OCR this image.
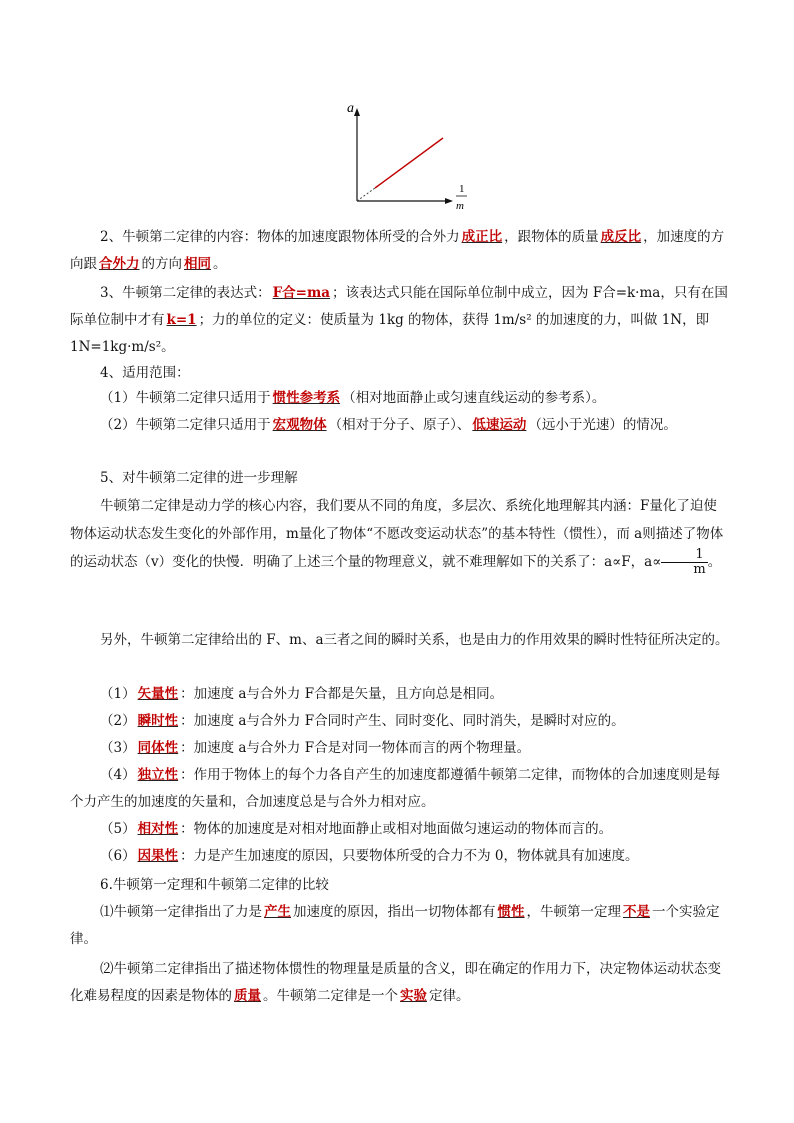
a
1
m
2、牛顿第二定律的内容：物体的加速度跟物体所受的合外力 成正比 ，跟物体的质量 成反比 ，加速度的方向跟 合外力 的方向 相同 。
3、牛顿第二定律的表达式： F合=ma ；该表达式只能在国际单位制中成立，因为 F合=k·ma，只有在国际单位制中才有 k=1 ；力的单位的定义：使质量为 1kg 的物体，获得 1m/s² 的加速度的力，叫做 1N，即 1N=1kg·m/s²。
4、适用范围：
（1）牛顿第二定律只适用于 惯性参考系 （相对地面静止或匀速直线运动的参考系）。
（2）牛顿第二定律只适用于 宏观物体 （相对于分子、原子）、 低速运动 （远小于光速）的情况。
5、对牛顿第二定律的进一步理解
牛顿第二定律是动力学的核心内容，我们要从不同的角度，多层次、系统化地理解其内涵：F量化了迫使物体运动状态发生变化的外部作用，m量化了物体“不愿改变运动状态”的基本特性（惯性），而 a则描述了物体的运动状态（v）变化的快慢．明确了上述三个量的物理意义，就不难理解如下的关系了：a∝F，$a\propto \frac{1}{m}$ 。
另外，牛顿第二定律给出的 F、m、a三者之间的瞬时关系，也是由力的作用效果的瞬时性特征所决定的。
（1） 矢量性 ：加速度 a与合外力 F合都是矢量，且方向总是相同。
（2） 瞬时性 ：加速度 a与合外力 F合同时产生、同时变化、同时消失，是瞬时对应的。
（3） 同体性 ：加速度 a与合外力 F合是对同一物体而言的两个物理量。
（4） 独立性 ：作用于物体上的每个力各自产生的加速度都遵循牛顿第二定律，而物体的合加速度则是每个力产生的加速度的矢量和，合加速度总是与合外力相对应。
（5） 相对性 ：物体的加速度是对相对地面静止或相对地面做匀速运动的物体而言的。
（6） 因果性 ：力是产生加速度的原因，只要物体所受的合力不为 0，物体就具有加速度。
6.牛顿第一定理和牛顿第二定律的比较
⑴牛顿第一定律指出了力是 产生 加速度的原因，指出一切物体都有 惯性 ，牛顿第一定理 不是 一个实验定律。
⑵牛顿第二定律指出了描述物体惯性的物理量是质量的含义，即在确定的作用力下，决定物体运动状态变化难易程度的因素是物体的 质量 。牛顿第二定律是一个 实验 定律。
